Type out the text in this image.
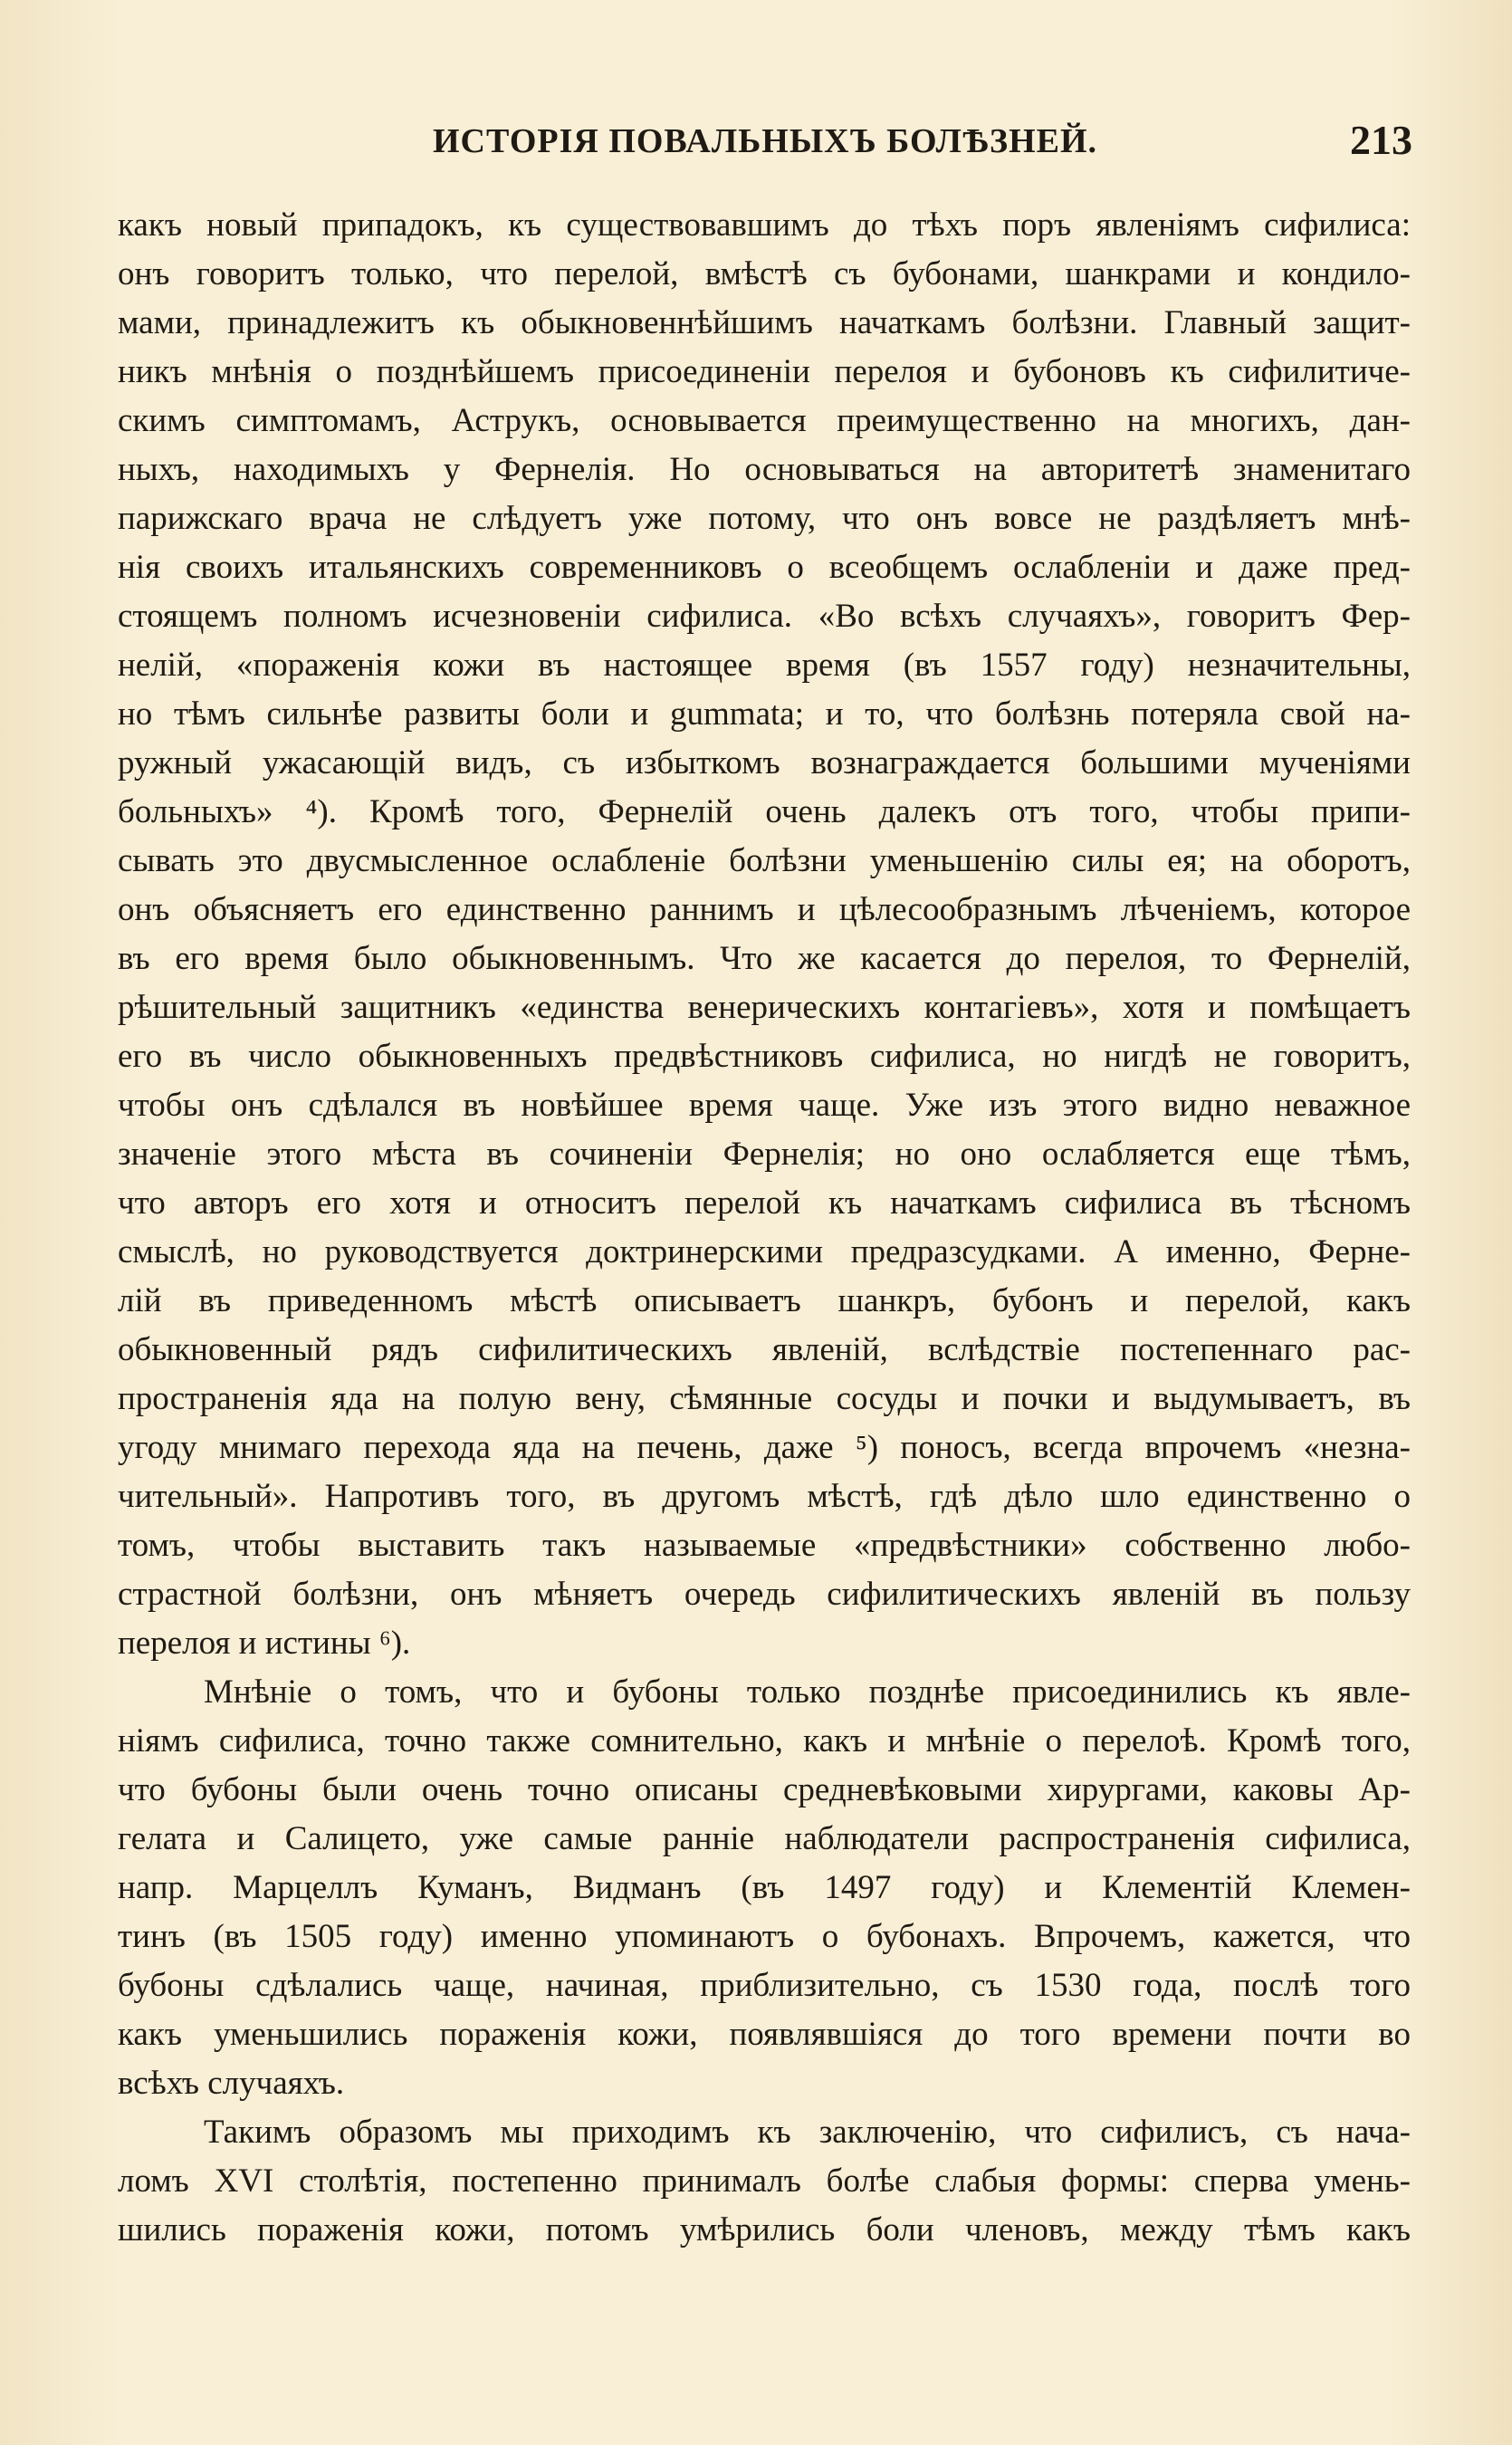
ИСТОРІЯ ПОВАЛЬНЫХЪ БОЛѢЗНЕЙ.	213
какъ новый припадокъ, къ существовавшимъ до тѣхъ поръ явленіямъ сифилиса:
онъ говоритъ только, что перелой, вмѣстѣ съ бубонами, шанкрами и кондило-
мами, принадлежитъ къ обыкновеннѣйшимъ начаткамъ болѣзни. Главный защит-
никъ мнѣнія о позднѣйшемъ присоединеніи перелоя и бубоновъ къ сифилитиче-
скимъ симптомамъ, Аструкъ, основывается преимущественно на многихъ, дан-
ныхъ, находимыхъ у Фернелія. Но основываться на авторитетѣ знаменитаго
парижскаго врача не слѣдуетъ уже потому, что онъ вовсе не раздѣляетъ мнѣ-
нія своихъ итальянскихъ современниковъ о всеобщемъ ослабленіи и даже пред-
стоящемъ полномъ исчезновеніи сифилиса. «Во всѣхъ случаяхъ», говоритъ Фер-
нелій, «пораженія кожи въ настоящее время (въ 1557 году) незначительны,
но тѣмъ сильнѣе развиты боли и gummata; и то, что болѣзнь потеряла свой на-
ружный ужасающій видъ, съ избыткомъ вознаграждается большими мученіями
больныхъ» ⁴). Кромѣ того, Фернелій очень далекъ отъ того, чтобы припи-
сывать это двусмысленное ослабленіе болѣзни уменьшенію силы ея; на оборотъ,
онъ объясняетъ его единственно раннимъ и цѣлесообразнымъ лѣченіемъ, которое
въ его время было обыкновеннымъ. Что же касается до перелоя, то Фернелій,
рѣшительный защитникъ «единства венерическихъ контагіевъ», хотя и помѣщаетъ
его въ число обыкновенныхъ предвѣстниковъ сифилиса, но нигдѣ не говоритъ,
чтобы онъ сдѣлался въ новѣйшее время чаще. Уже изъ этого видно неважное
значеніе этого мѣста въ сочиненіи Фернелія; но оно ослабляется еще тѣмъ,
что авторъ его хотя и относитъ перелой къ начаткамъ сифилиса въ тѣсномъ
смыслѣ, но руководствуется доктринерскими предразсудками. А именно, Ферне-
лій въ приведенномъ мѣстѣ описываетъ шанкръ, бубонъ и перелой, какъ
обыкновенный рядъ сифилитическихъ явленій, вслѣдствіе постепеннаго рас-
пространенія яда на полую вену, сѣмянные сосуды и почки и выдумываетъ, въ
угоду мнимаго перехода яда на печень, даже ⁵) поносъ, всегда впрочемъ «незна-
чительный». Напротивъ того, въ другомъ мѣстѣ, гдѣ дѣло шло единственно о
томъ, чтобы выставить такъ называемые «предвѣстники» собственно любо-
страстной болѣзни, онъ мѣняетъ очередь сифилитическихъ явленій въ пользу
перелоя и истины ⁶).
Мнѣніе о томъ, что и бубоны только позднѣе присоединились къ явле-
ніямъ сифилиса, точно также сомнительно, какъ и мнѣніе о перелоѣ. Кромѣ того,
что бубоны были очень точно описаны средневѣковыми хирургами, каковы Ар-
гелата и Салицето, уже самые ранніе наблюдатели распространенія сифилиса,
напр. Марцеллъ Куманъ, Видманъ (въ 1497 году) и Клементій Клемен-
тинъ (въ 1505 году) именно упоминаютъ о бубонахъ. Впрочемъ, кажется, что
бубоны сдѣлались чаще, начиная, приблизительно, съ 1530 года, послѣ того
какъ уменьшились пораженія кожи, появлявшіяся до того времени почти во
всѣхъ случаяхъ.
Такимъ образомъ мы приходимъ къ заключенію, что сифилисъ, съ нача-
ломъ XVI столѣтія, постепенно принималъ болѣе слабыя формы: сперва умень-
шились пораженія кожи, потомъ умѣрились боли членовъ, между тѣмъ какъ
